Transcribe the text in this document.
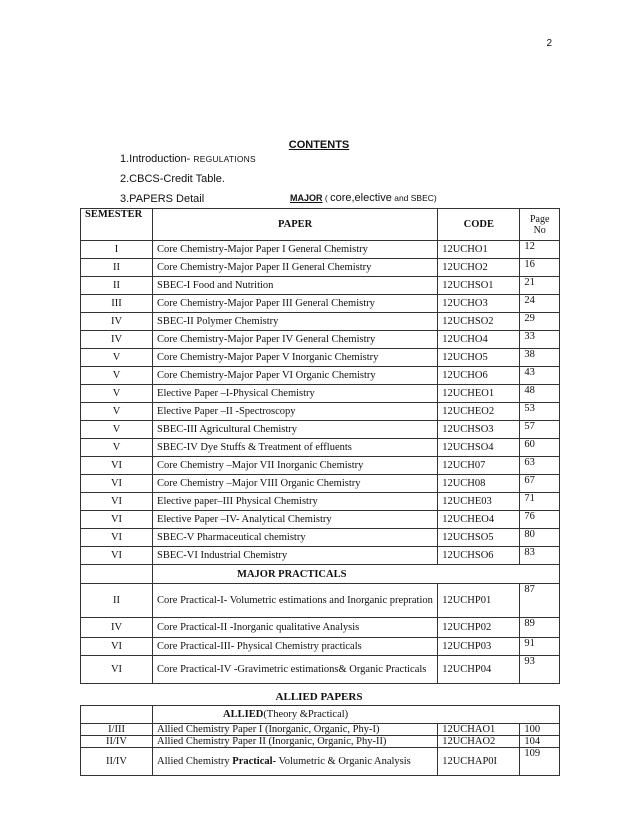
2
CONTENTS
1.Introduction- REGULATIONS
2.CBCS-Credit Table.
3.PAPERS Detail	MAJOR ( core,elective and SBEC)
SEMESTER	PAPER	CODE	Page No
I	Core Chemistry-Major Paper I General Chemistry	12UCHO1	12
II	Core Chemistry-Major Paper II General Chemistry	12UCHO2	16
II	SBEC-I Food and Nutrition	12UCHSO1	21
III	Core Chemistry-Major Paper III General Chemistry	12UCHO3	24
IV	SBEC-II Polymer Chemistry	12UCHSO2	29
IV	Core Chemistry-Major Paper IV General Chemistry	12UCHO4	33
V	Core Chemistry-Major Paper V Inorganic Chemistry	12UCHO5	38
V	Core Chemistry-Major Paper VI Organic Chemistry	12UCHO6	43
V	Elective Paper –I-Physical Chemistry	12UCHEO1	48
V	Elective Paper –II -Spectroscopy	12UCHEO2	53
V	SBEC-III Agricultural Chemistry	12UCHSO3	57
V	SBEC-IV Dye Stuffs & Treatment of effluents	12UCHSO4	60
VI	Core Chemistry –Major VII Inorganic Chemistry	12UCH07	63
VI	Core Chemistry –Major VIII Organic Chemistry	12UCH08	67
VI	Elective paper–III Physical Chemistry	12UCHE03	71
VI	Elective Paper –IV- Analytical Chemistry	12UCHEO4	76
VI	SBEC-V Pharmaceutical chemistry	12UCHSO5	80
VI	SBEC-VI Industrial Chemistry	12UCHSO6	83
	MAJOR PRACTICALS		
II	Core Practical-I- Volumetric estimations and Inorganic prepration	12UCHP01	87
IV	Core Practical-II -Inorganic qualitative Analysis	12UCHP02	89
VI	Core Practical-III- Physical Chemistry practicals	12UCHP03	91
VI	Core Practical-IV -Gravimetric estimations& Organic Practicals	12UCHP04	93
ALLIED PAPERS
	ALLIED(Theory &Practical)		
I/III	Allied Chemistry Paper I (Inorganic, Organic, Phy-I)	12UCHAO1	100
II/IV	Allied Chemistry Paper II (Inorganic, Organic, Phy-II)	12UCHAO2	104
II/IV	Allied Chemistry Practical- Volumetric & Organic Analysis	12UCHAP0I	109
